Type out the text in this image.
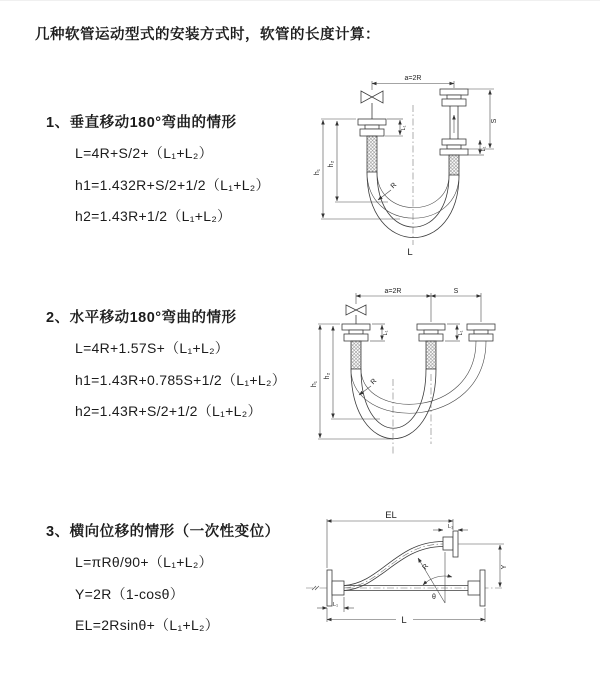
几种软管运动型式的安装方式时，软管的长度计算：
1、垂直移动180°弯曲的情形
L=4R+S/2+（L₁+L₂）
h1=1.432R+S/2+1/2（L₁+L₂）
h2=1.43R+1/2（L₁+L₂）
2、水平移动180°弯曲的情形
L=4R+1.57S+（L₁+L₂）
h1=1.43R+0.785S+1/2（L₁+L₂）
h2=1.43R+S/2+1/2（L₁+L₂）
3、横向位移的情形（一次性变位）
L=πRθ/90+（L₁+L₂）
Y=2R（1-cosθ）
EL=2Rsinθ+（L₁+L₂）
a=2R
h₁
h₂
S
L₁
L₁
R
L
a=2R	S
h₁
h₂
L₁	L₁
R
EL
L₁
Y
R
θ
L₁
L
